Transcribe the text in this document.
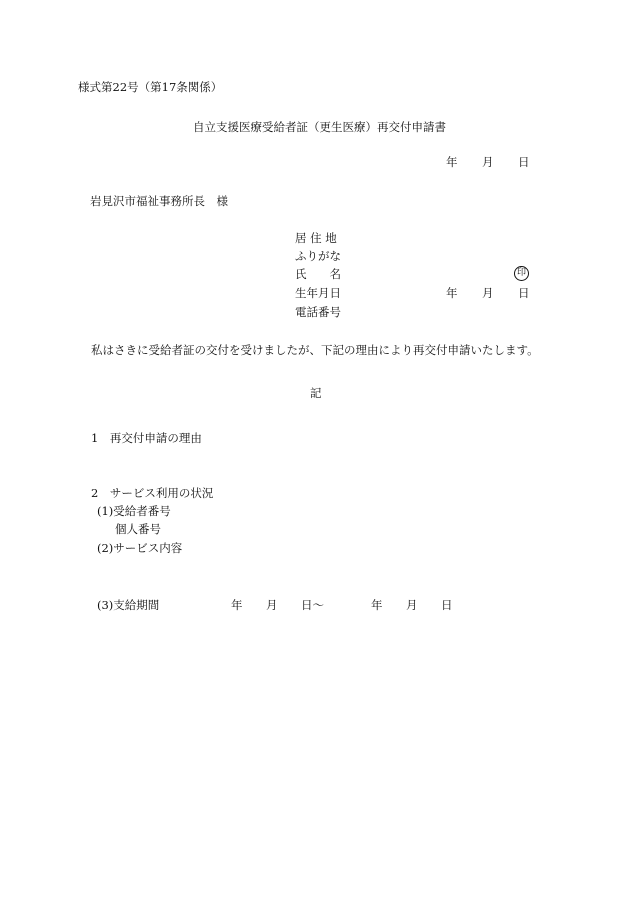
様式第22号（第17条関係）
自立支援医療受給者証（更生医療）再交付申請書
年 月 日
岩見沢市福祉事務所長　様
居 住 地
ふりがな
氏　　名	印
生年月日	年 月 日
電話番号
私はさきに受給者証の交付を受けましたが、下記の理由により再交付申請いたします。
記
1　再交付申請の理由
2　サービス利用の状況
(1)受給者番号
個人番号
(2)サービス内容
(3)支給期間	年 月 日～	年 月 日
